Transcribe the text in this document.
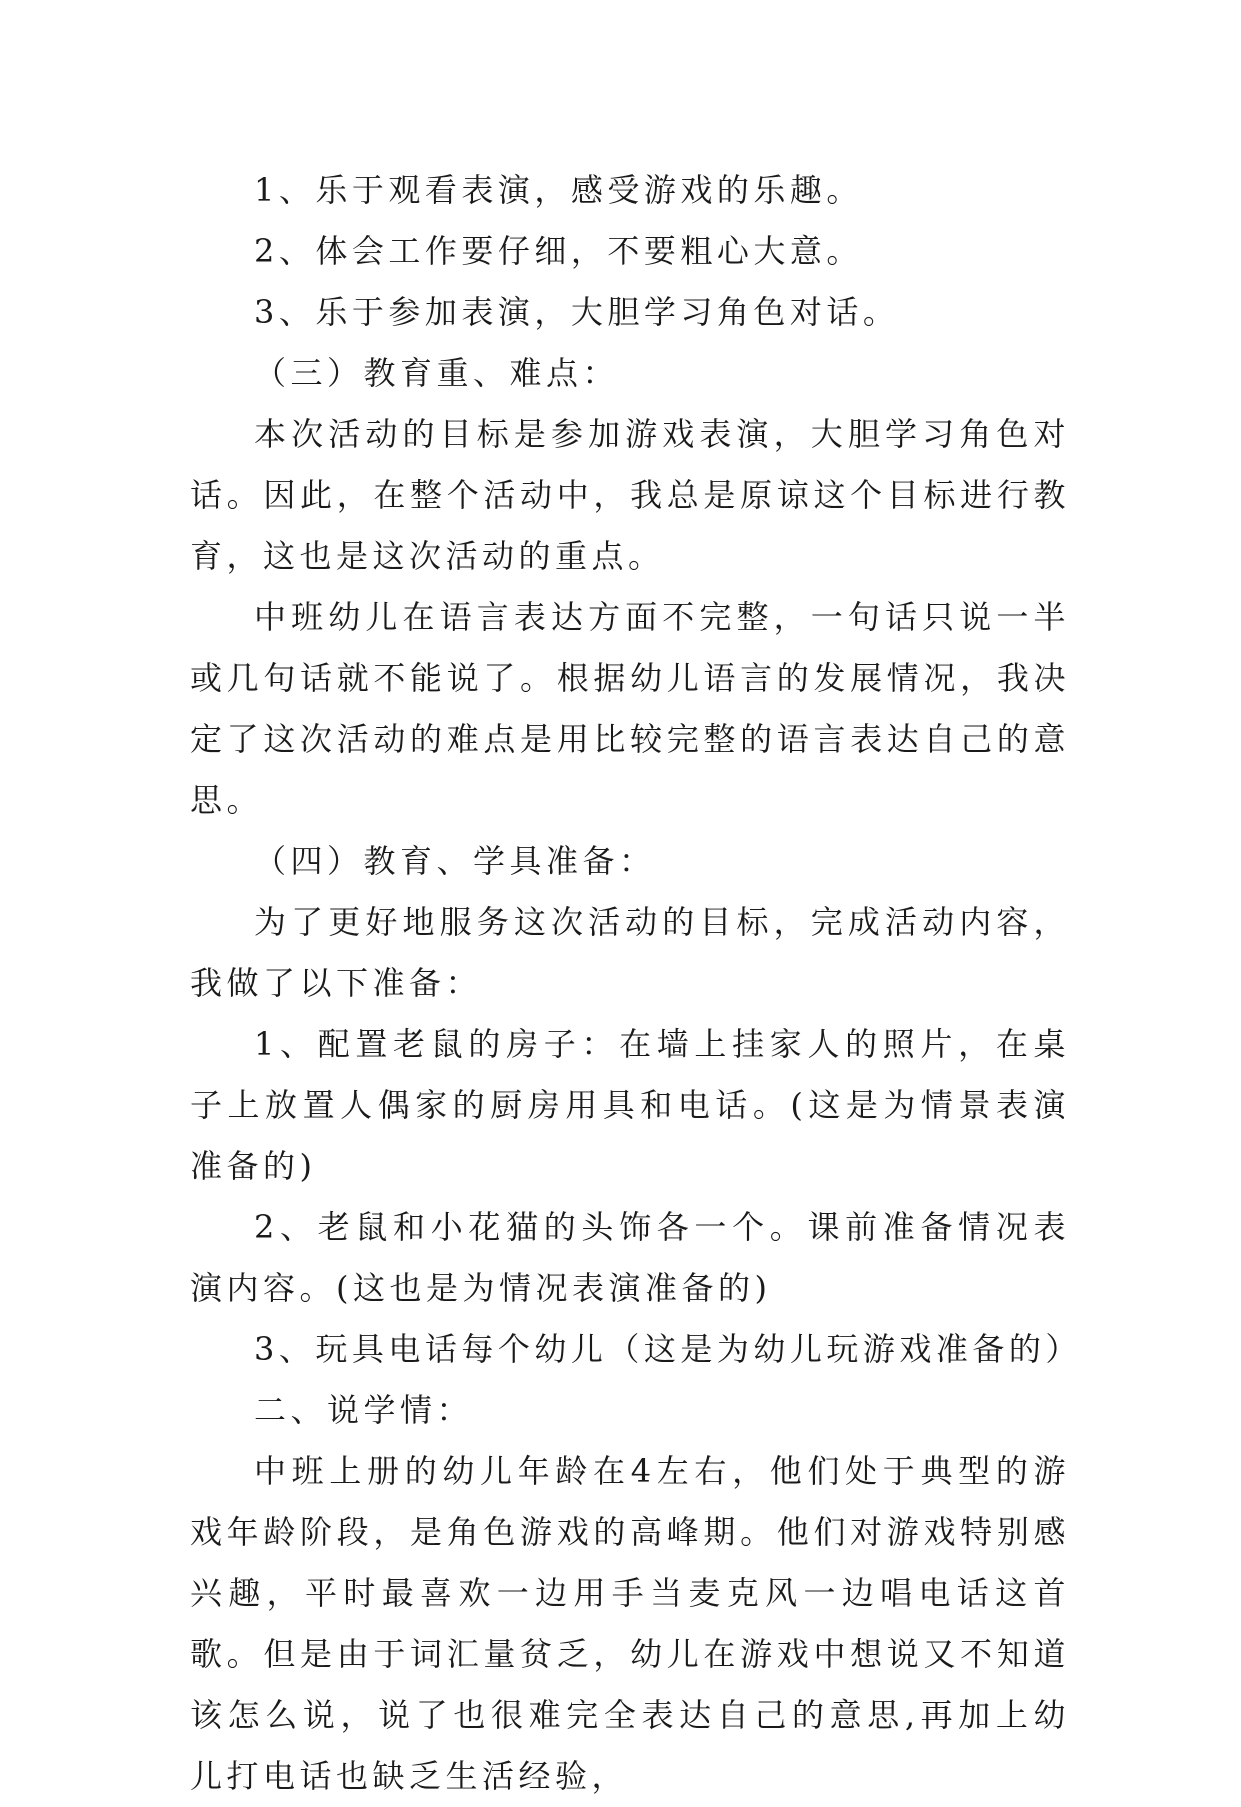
1、乐于观看表演，感受游戏的乐趣。

2、体会工作要仔细，不要粗心大意。

3、乐于参加表演，大胆学习角色对话。

（三）教育重、难点：

本次活动的目标是参加游戏表演，大胆学习角色对话。因此，在整个活动中，我总是原谅这个目标进行教育，这也是这次活动的重点。

中班幼儿在语言表达方面不完整，一句话只说一半或几句话就不能说了。根据幼儿语言的发展情况，我决定了这次活动的难点是用比较完整的语言表达自己的意思。

（四）教育、学具准备：

为了更好地服务这次活动的目标，完成活动内容，我做了以下准备：

1、配置老鼠的房子：在墙上挂家人的照片，在桌子上放置人偶家的厨房用具和电话。(这是为情景表演准备的)

2、老鼠和小花猫的头饰各一个。课前准备情况表演内容。(这也是为情况表演准备的)

3、玩具电话每个幼儿（这是为幼儿玩游戏准备的）

二、说学情：

中班上册的幼儿年龄在4左右，他们处于典型的游戏年龄阶段，是角色游戏的高峰期。他们对游戏特别感兴趣，平时最喜欢一边用手当麦克风一边唱电话这首歌。但是由于词汇量贫乏，幼儿在游戏中想说又不知道该怎么说，说了也很难完全表达自己的意思,再加上幼儿打电话也缺乏生活经验，
